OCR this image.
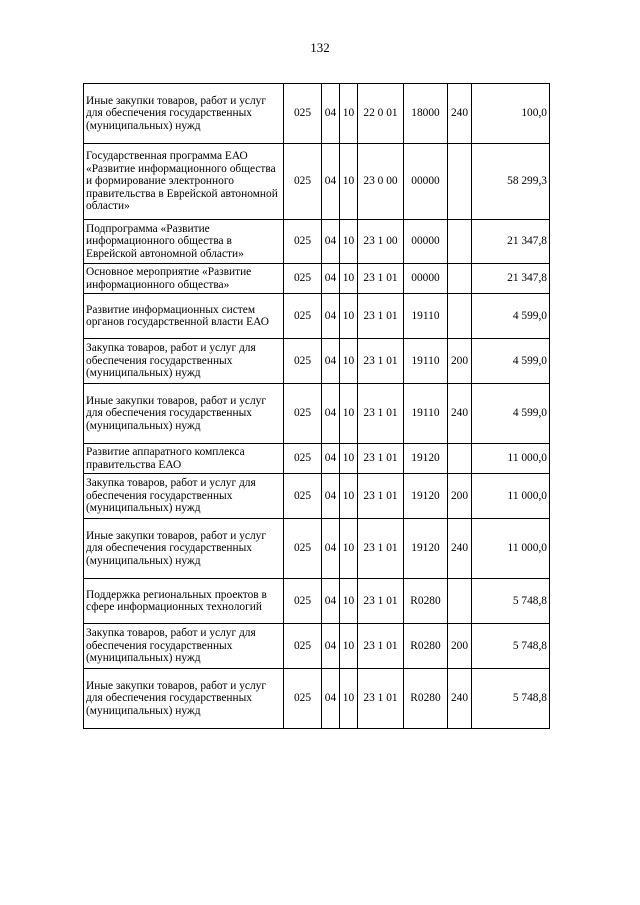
132
Иные закупки товаров, работ и услуг для обеспечения государственных (муниципальных) нужд	025	04	10	22 0 01	18000	240	100,0
Государственная программа ЕАО «Развитие информационного общества и формирование электронного правительства в Еврейской автономной области»	025	04	10	23 0 00	00000		58 299,3
Подпрограмма «Развитие информационного общества в Еврейской автономной области»	025	04	10	23 1 00	00000		21 347,8
Основное мероприятие «Развитие информационного общества»	025	04	10	23 1 01	00000		21 347,8
Развитие информационных систем органов государственной власти ЕАО	025	04	10	23 1 01	19110		4 599,0
Закупка товаров, работ и услуг для обеспечения государственных (муниципальных) нужд	025	04	10	23 1 01	19110	200	4 599,0
Иные закупки товаров, работ и услуг для обеспечения государственных (муниципальных) нужд	025	04	10	23 1 01	19110	240	4 599,0
Развитие аппаратного комплекса правительства ЕАО	025	04	10	23 1 01	19120		11 000,0
Закупка товаров, работ и услуг для обеспечения государственных (муниципальных) нужд	025	04	10	23 1 01	19120	200	11 000,0
Иные закупки товаров, работ и услуг для обеспечения государственных (муниципальных) нужд	025	04	10	23 1 01	19120	240	11 000,0
Поддержка региональных проектов в сфере информационных технологий	025	04	10	23 1 01	R0280		5 748,8
Закупка товаров, работ и услуг для обеспечения государственных (муниципальных) нужд	025	04	10	23 1 01	R0280	200	5 748,8
Иные закупки товаров, работ и услуг для обеспечения государственных (муниципальных) нужд	025	04	10	23 1 01	R0280	240	5 748,8
